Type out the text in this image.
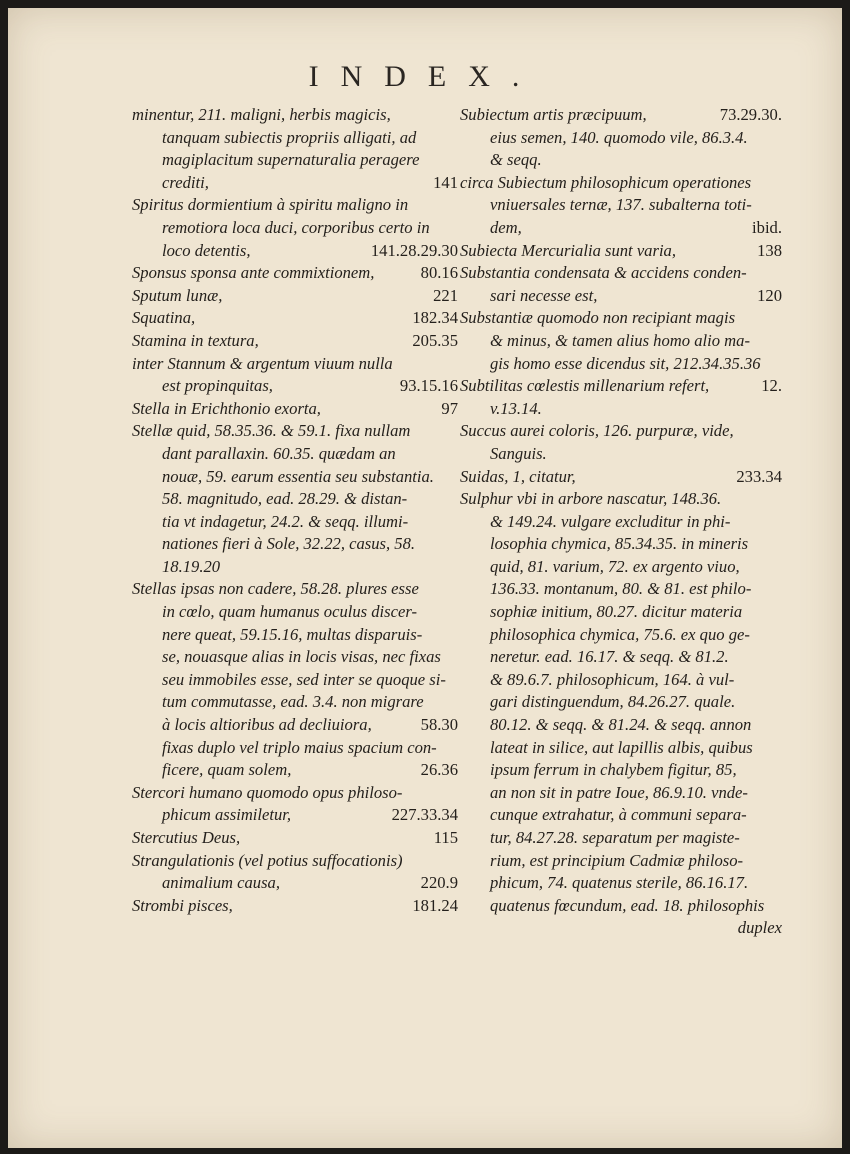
INDEX.
minentur, 211. maligni, herbis magicis,
tanquam subiectis propriis alligati, ad
magiplacitum supernaturalia peragere
141
crediti,
Spiritus dormientium à spiritu maligno in
remotiora loca duci, corporibus certo in
141.28.29.30
loco detentis,
80.16
Sponsus sponsa ante commixtionem,
221
Sputum lunæ,
182.34
Squatina,
205.35
Stamina in textura,
inter Stannum & argentum viuum nulla
93.15.16
est propinquitas,
97
Stella in Erichthonio exorta,
Stellæ quid, 58.35.36. & 59.1. fixa nullam
dant parallaxin. 60.35. quædam an
nouæ, 59. earum essentia seu substantia.
58. magnitudo, ead. 28.29. & distan-
tia vt indagetur, 24.2. & seqq. illumi-
nationes fieri à Sole, 32.22, casus, 58.
18.19.20
Stellas ipsas non cadere, 58.28. plures esse
in cœlo, quam humanus oculus discer-
nere queat, 59.15.16, multas disparuis-
se, nouasque alias in locis visas, nec fixas
seu immobiles esse, sed inter se quoque si-
tum commutasse, ead. 3.4. non migrare
58.30
à locis altioribus ad decliuiora,
fixas duplo vel triplo maius spacium con-
26.36
ficere, quam solem,
Stercori humano quomodo opus philoso-
227.33.34
phicum assimiletur,
115
Stercutius Deus,
Strangulationis (vel potius suffocationis)
220.9
animalium causa,
181.24
Strombi pisces,
73.29.30.
Subiectum artis præcipuum,
eius semen, 140. quomodo vile, 86.3.4.
& seqq.
circa Subiectum philosophicum operationes
vniuersales ternæ, 137. subalterna toti-
ibid.
dem,
138
Subiecta Mercurialia sunt varia,
Substantia condensata & accidens conden-
120
sari necesse est,
Substantiæ quomodo non recipiant magis
& minus, & tamen alius homo alio ma-
gis homo esse dicendus sit, 212.34.35.36
12.
Subtilitas cœlestis millenarium refert,
v.13.14.
Succus aurei coloris, 126. purpuræ, vide,
Sanguis.
233.34
Suidas, 1, citatur,
Sulphur vbi in arbore nascatur, 148.36.
& 149.24. vulgare excluditur in phi-
losophia chymica, 85.34.35. in mineris
quid, 81. varium, 72. ex argento viuo,
136.33. montanum, 80. & 81. est philo-
sophiæ initium, 80.27. dicitur materia
philosophica chymica, 75.6. ex quo ge-
neretur. ead. 16.17. & seqq. & 81.2.
& 89.6.7. philosophicum, 164. à vul-
gari distinguendum, 84.26.27. quale.
80.12. & seqq. & 81.24. & seqq. annon
lateat in silice, aut lapillis albis, quibus
ipsum ferrum in chalybem figitur, 85,
an non sit in patre Ioue, 86.9.10. vnde-
cunque extrahatur, à communi separa-
tur, 84.27.28. separatum per magiste-
rium, est principium Cadmiæ philoso-
phicum, 74. quatenus sterile, 86.16.17.
quatenus fœcundum, ead. 18. philosophis
duplex
